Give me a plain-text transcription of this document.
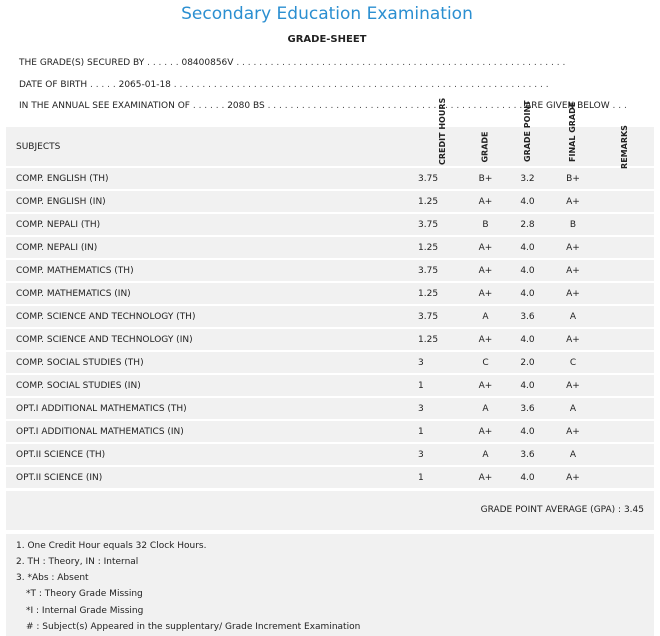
Secondary Education Examination
GRADE-SHEET
THE GRADE(S) SECURED BY . . . . . . 08400856V . . . . . . . . . . . . . . . . . . . . . . . . . . . . . . . . . . . . . . . . . . . . . . . . . . . . . . . . . .
DATE OF BIRTH . . . . . 2065-01-18 . . . . . . . . . . . . . . . . . . . . . . . . . . . . . . . . . . . . . . . . . . . . . . . . . . . . . . . . . . . . . . . . . .
IN THE ANNUAL SEE EXAMINATION OF . . . . . . 2080 BS . . . . . . . . . . . . . . . . . . . . . . . . . . . . . . . . . . . . . . . . . . . . . ARE GIVEN BELOW . . .
SUBJECTS	CREDIT HOURS	GRADE	GRADE POINT	FINAL GRADE	REMARKS
COMP. ENGLISH (TH)	3.75	B+	3.2	B+	
COMP. ENGLISH (IN)	1.25	A+	4.0	A+	
COMP. NEPALI (TH)	3.75	B	2.8	B	
COMP. NEPALI (IN)	1.25	A+	4.0	A+	
COMP. MATHEMATICS (TH)	3.75	A+	4.0	A+	
COMP. MATHEMATICS (IN)	1.25	A+	4.0	A+	
COMP. SCIENCE AND TECHNOLOGY (TH)	3.75	A	3.6	A	
COMP. SCIENCE AND TECHNOLOGY (IN)	1.25	A+	4.0	A+	
COMP. SOCIAL STUDIES (TH)	3	C	2.0	C	
COMP. SOCIAL STUDIES (IN)	1	A+	4.0	A+	
OPT.I ADDITIONAL MATHEMATICS (TH)	3	A	3.6	A	
OPT.I ADDITIONAL MATHEMATICS (IN)	1	A+	4.0	A+	
OPT.II SCIENCE (TH)	3	A	3.6	A	
OPT.II SCIENCE (IN)	1	A+	4.0	A+	
GRADE POINT AVERAGE (GPA) : 3.45
1. One Credit Hour equals 32 Clock Hours.
2. TH : Theory, IN : Internal
3. *Abs : Absent
*T : Theory Grade Missing
*I : Internal Grade Missing
# : Subject(s) Appeared in the supplentary/ Grade Increment Examination
